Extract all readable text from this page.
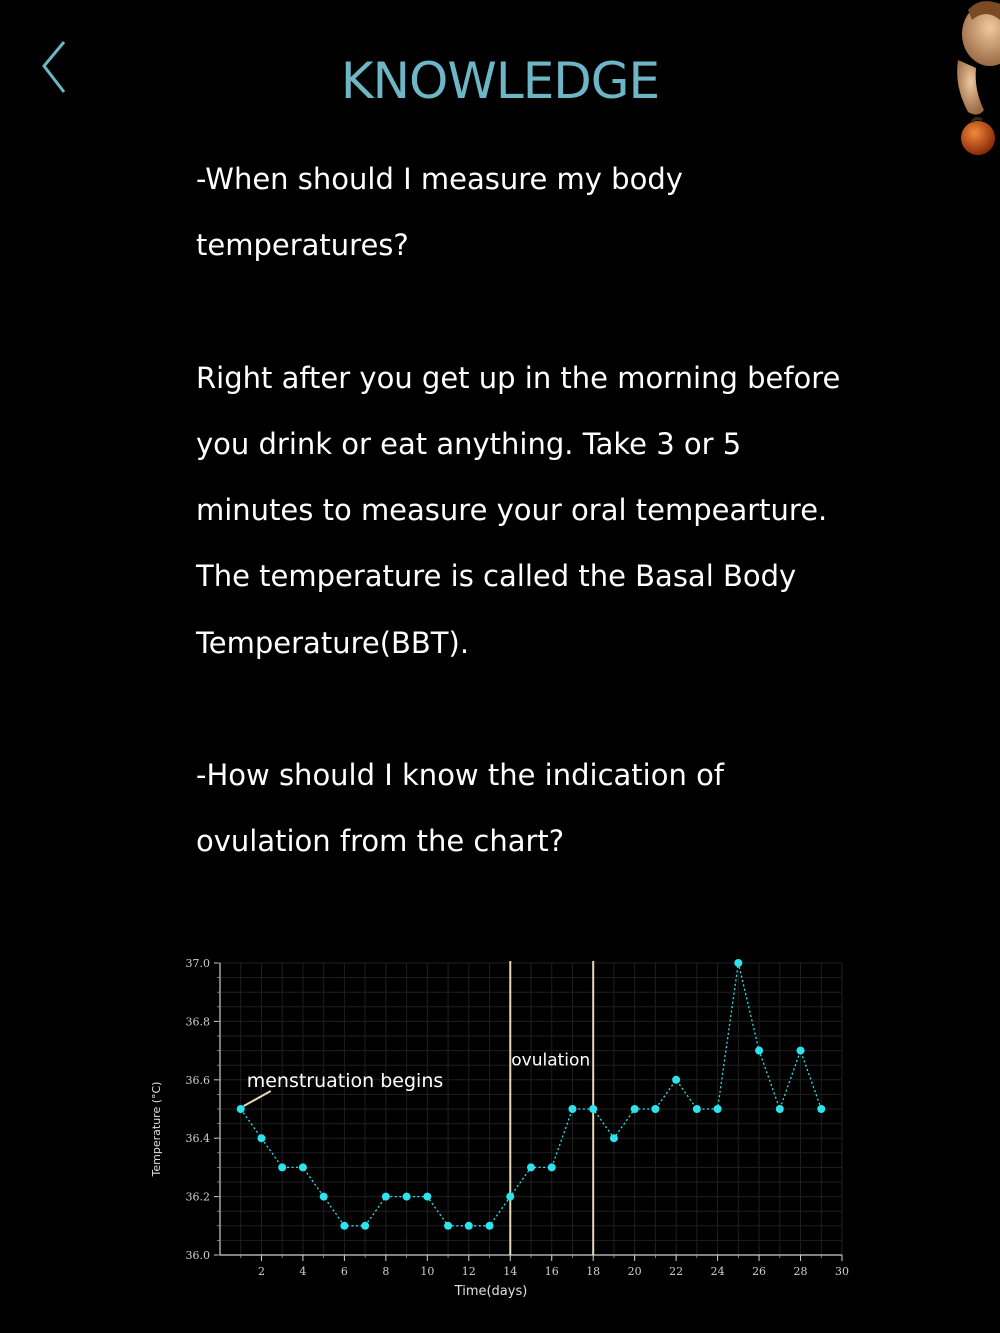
KNOWLEDGE

-When should I measure my body temperatures?

Right after you get up in the morning before you drink or eat anything. Take 3 or 5 minutes to measure your oral tempearture. The temperature is called the Basal Body Temperature(BBT).

-How should I know the indication of ovulation from the chart?

36.0
36.2
36.4
36.6
36.8
37.0
2	4	6	8	10 12 14 16 18 20 22 24 26 28 30
Time(days)
Temperature (°C)
menstruation begins
ovulation
